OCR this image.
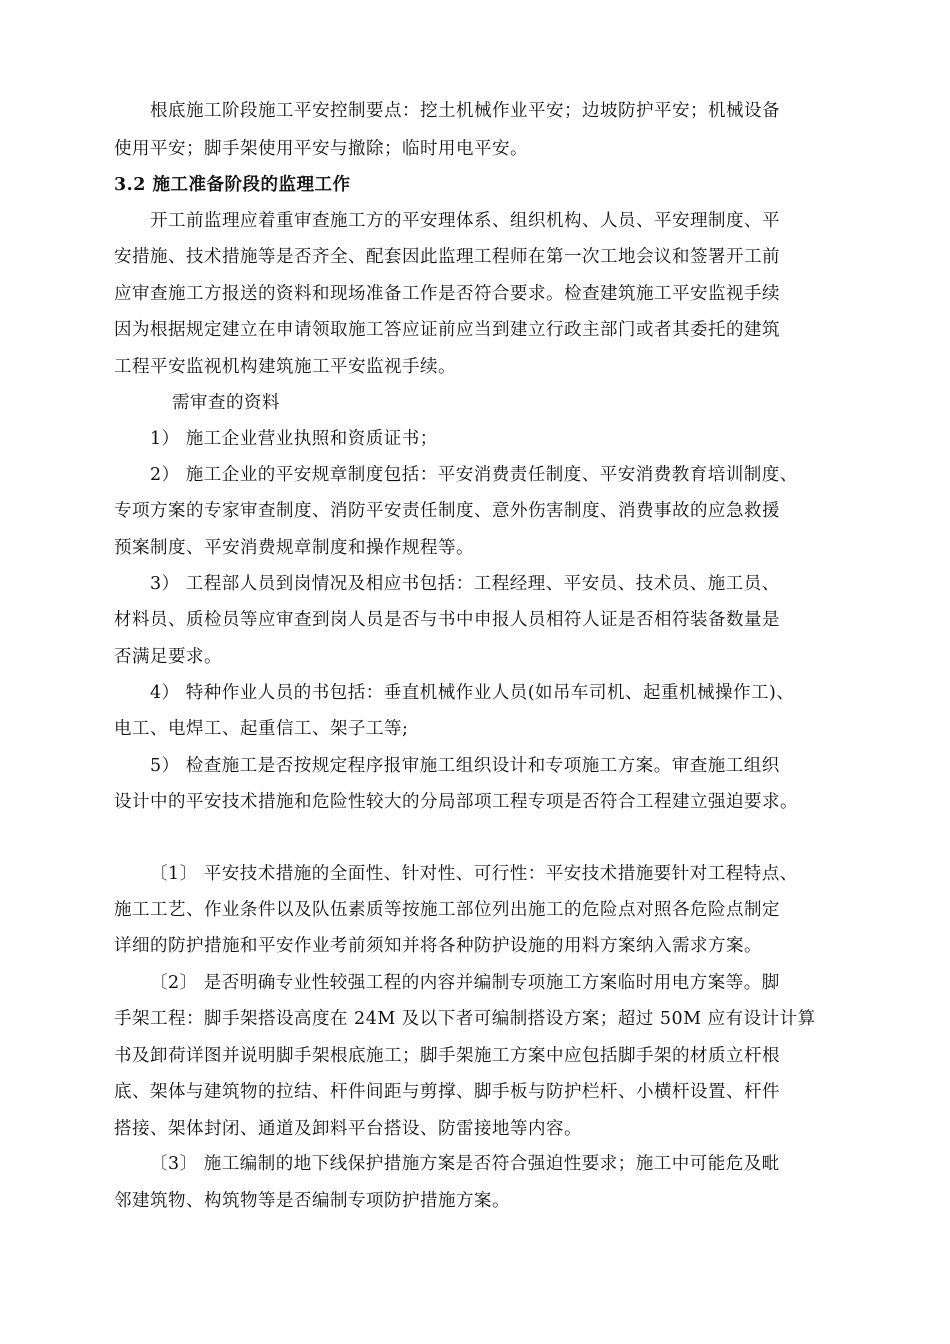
根底施工阶段施工平安控制要点：挖土机械作业平安；边坡防护平安；机械设备
使用平安；脚手架使用平安与撤除；临时用电平安。
3.2 施工准备阶段的监理工作
开工前监理应着重审查施工方的平安理体系、组织机构、人员、平安理制度、平
安措施、技术措施等是否齐全、配套因此监理工程师在第一次工地会议和签署开工前
应审查施工方报送的资料和现场准备工作是否符合要求。检查建筑施工平安监视手续
因为根据规定建立在申请领取施工答应证前应当到建立行政主部门或者其委托的建筑
工程平安监视机构建筑施工平安监视手续。
需审查的资料
1） 施工企业营业执照和资质证书；
2） 施工企业的平安规章制度包括：平安消费责任制度、平安消费教育培训制度、
专项方案的专家审查制度、消防平安责任制度、意外伤害制度、消费事故的应急救援
预案制度、平安消费规章制度和操作规程等。
3） 工程部人员到岗情况及相应书包括：工程经理、平安员、技术员、施工员、
材料员、质检员等应审查到岗人员是否与书中申报人员相符人证是否相符装备数量是
否满足要求。
4） 特种作业人员的书包括：垂直机械作业人员(如吊车司机、起重机械操作工)、
电工、电焊工、起重信工、架子工等;
5） 检查施工是否按规定程序报审施工组织设计和专项施工方案。审查施工组织
设计中的平安技术措施和危险性较大的分局部项工程专项是否符合工程建立强迫要求。
〔1〕 平安技术措施的全面性、针对性、可行性：平安技术措施要针对工程特点、
施工工艺、作业条件以及队伍素质等按施工部位列出施工的危险点对照各危险点制定
详细的防护措施和平安作业考前须知并将各种防护设施的用料方案纳入需求方案。
〔2〕 是否明确专业性较强工程的内容并编制专项施工方案临时用电方案等。脚
手架工程：脚手架搭设高度在 24M 及以下者可编制搭设方案；超过 50M 应有设计计算
书及卸荷详图并说明脚手架根底施工；脚手架施工方案中应包括脚手架的材质立杆根
底、架体与建筑物的拉结、杆件间距与剪撑、脚手板与防护栏杆、小横杆设置、杆件
搭接、架体封闭、通道及卸料平台搭设、防雷接地等内容。
〔3〕 施工编制的地下线保护措施方案是否符合强迫性要求；施工中可能危及毗
邻建筑物、构筑物等是否编制专项防护措施方案。
